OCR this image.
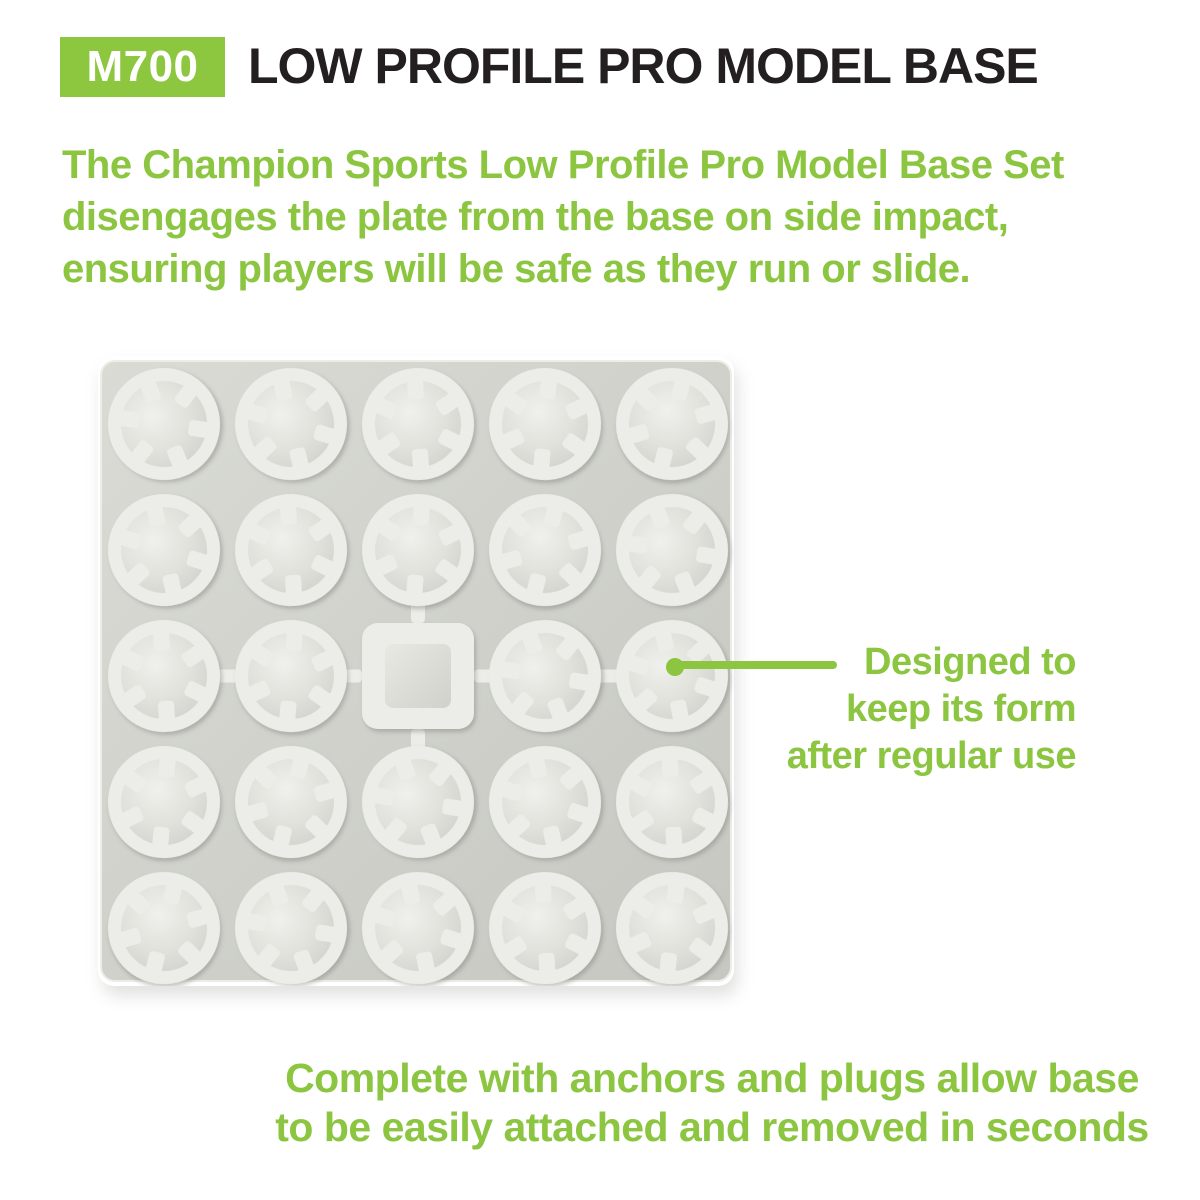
M700 LOW PROFILE PRO MODEL BASE
The Champion Sports Low Profile Pro Model Base Set
disengages the plate from the base on side impact,
ensuring players will be safe as they run or slide.
Designed to
keep its form
after regular use
Complete with anchors and plugs allow base
to be easily attached and removed in seconds
